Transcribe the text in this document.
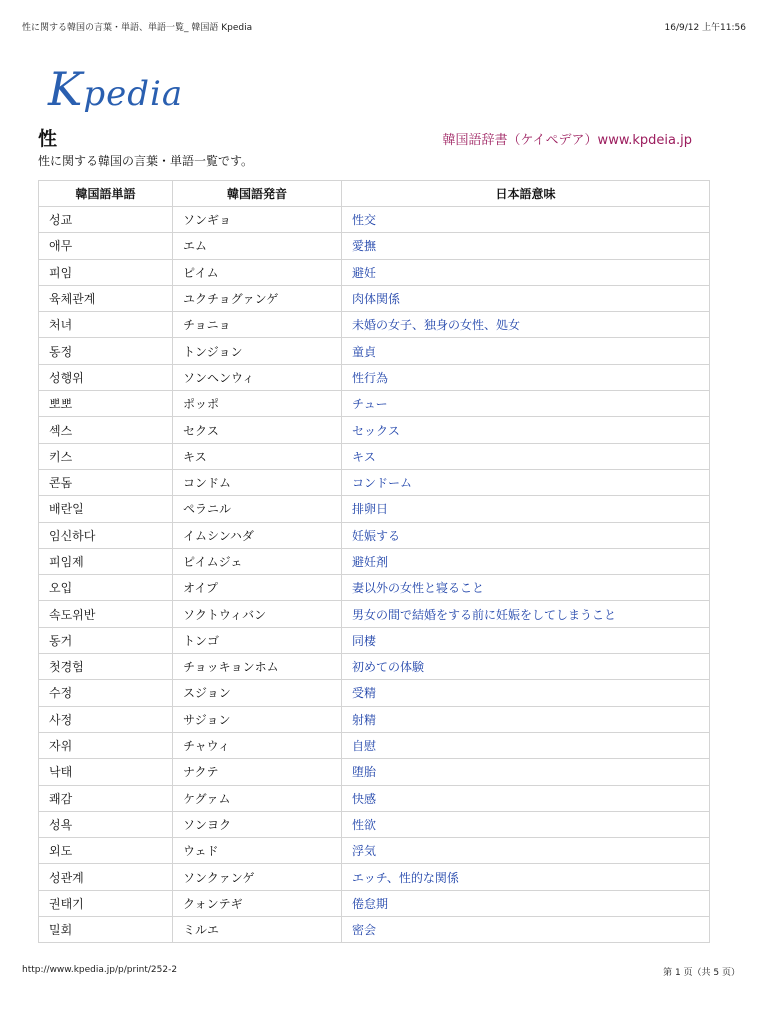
性に関する韓国の言葉・単語、単語一覧_ 韓国語 Kpedia	16/9/12 上午11:56
Kpedia
性	韓国語辞書（ケイペデア）www.kpdeia.jp
性に関する韓国の言葉・単語一覧です。
韓国語単語	韓国語発音	日本語意味
성교	ソンギョ	性交
애무	エム	愛撫
피임	ピイム	避妊
육체관계	ユクチョグァンゲ	肉体関係
처녀	チョニョ	未婚の女子、独身の女性、処女
동정	トンジョン	童貞
성행위	ソンヘンウィ	性行為
뽀뽀	ポッポ	チュー
섹스	セクス	セックス
키스	キス	キス
콘돔	コンドム	コンドーム
배란일	ペラニル	排卵日
임신하다	イムシンハダ	妊娠する
피임제	ピイムジェ	避妊剤
오입	オイプ	妻以外の女性と寝ること
속도위반	ソクトウィバン	男女の間で結婚をする前に妊娠をしてしまうこと
동거	トンゴ	同棲
첫경험	チョッキョンホム	初めての体験
수정	スジョン	受精
사정	サジョン	射精
자위	チャウィ	自慰
낙태	ナクテ	堕胎
쾌감	ケグァム	快感
성욕	ソンヨク	性欲
외도	ウェド	浮気
성관계	ソンクァンゲ	エッチ、性的な関係
권태기	クォンテギ	倦怠期
밀회	ミルエ	密会
http://www.kpedia.jp/p/print/252-2	第 1 页（共 5 页）
